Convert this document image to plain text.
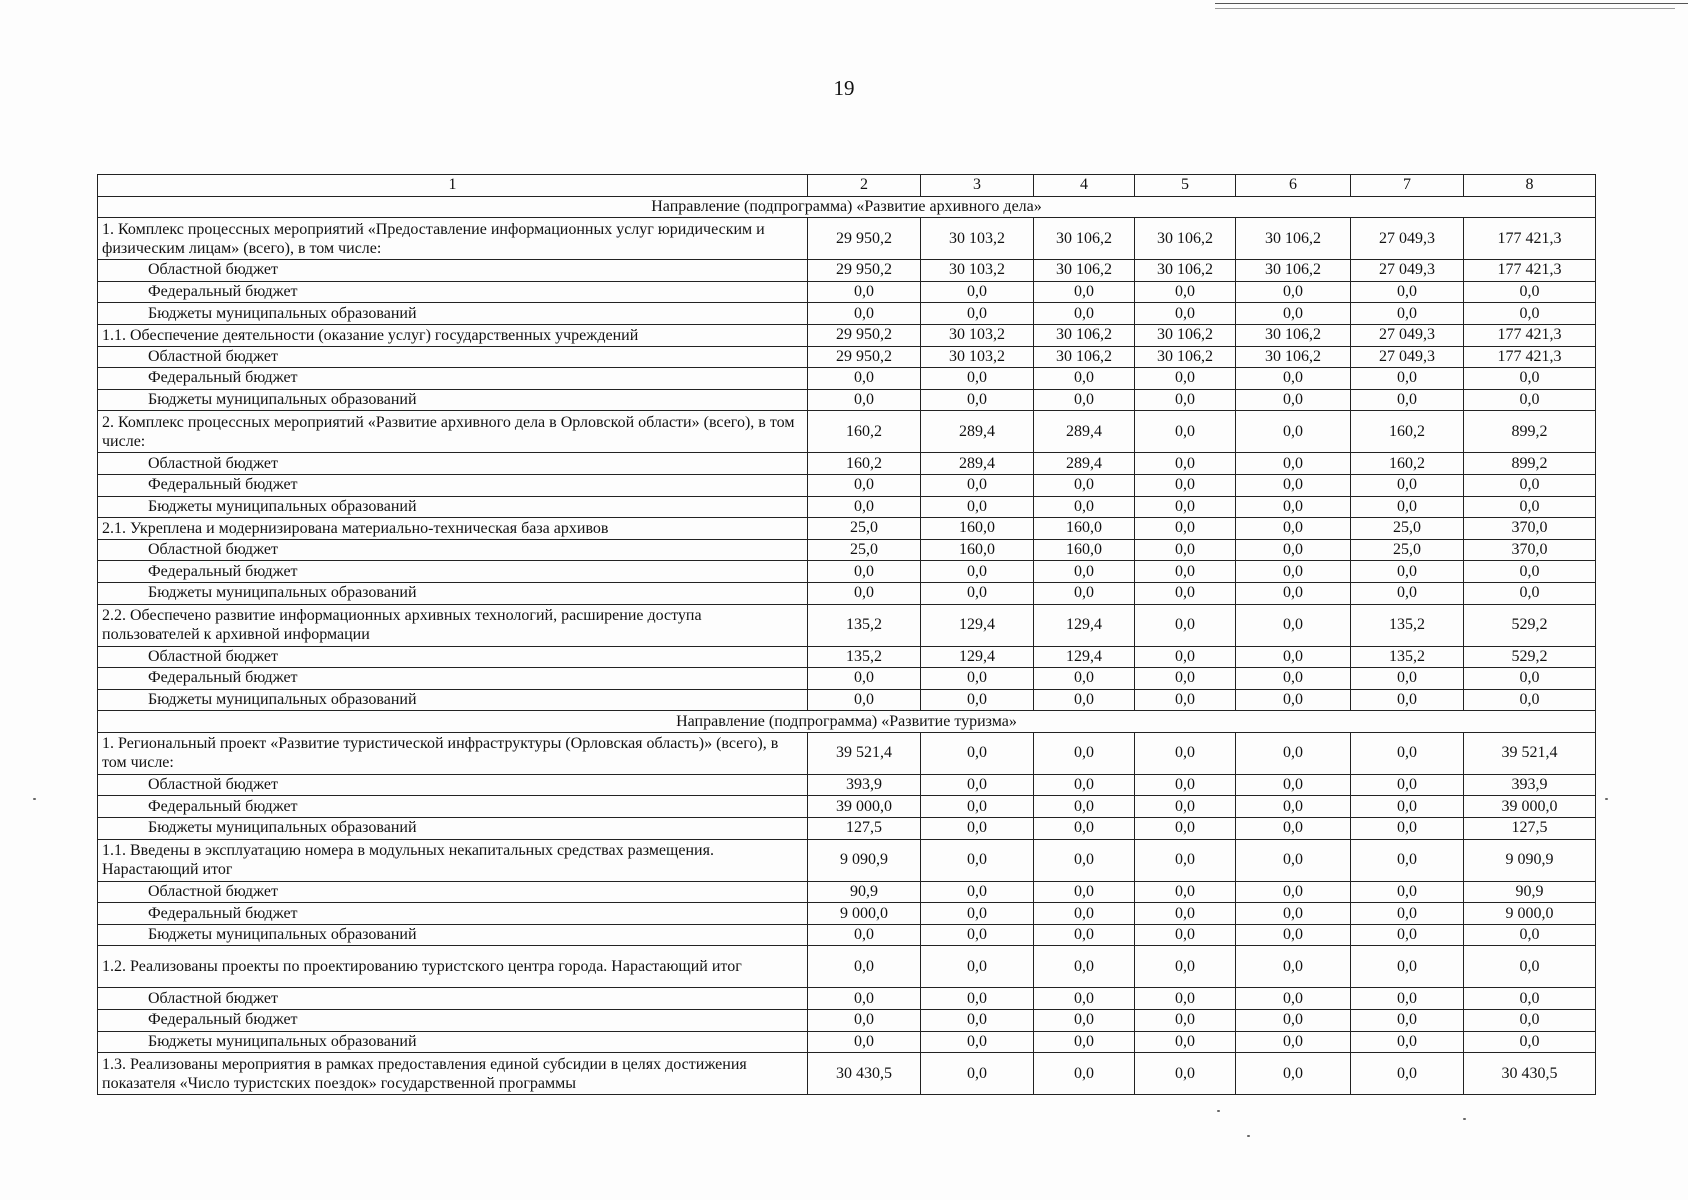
19
1	2	3	4	5	6	7	8
Направление (подпрограмма) «Развитие архивного дела»							
1. Комплекс процессных мероприятий «Предоставление информационных услуг юридическим и физическим лицам» (всего), в том числе:	29 950,2	30 103,2	30 106,2	30 106,2	30 106,2	27 049,3	177 421,3
Областной бюджет	29 950,2	30 103,2	30 106,2	30 106,2	30 106,2	27 049,3	177 421,3
Федеральный бюджет	0,0	0,0	0,0	0,0	0,0	0,0	0,0
Бюджеты муниципальных образований	0,0	0,0	0,0	0,0	0,0	0,0	0,0
1.1. Обеспечение деятельности (оказание услуг) государственных учреждений	29 950,2	30 103,2	30 106,2	30 106,2	30 106,2	27 049,3	177 421,3
Областной бюджет	29 950,2	30 103,2	30 106,2	30 106,2	30 106,2	27 049,3	177 421,3
Федеральный бюджет	0,0	0,0	0,0	0,0	0,0	0,0	0,0
Бюджеты муниципальных образований	0,0	0,0	0,0	0,0	0,0	0,0	0,0
2. Комплекс процессных мероприятий «Развитие архивного дела в Орловской области» (всего), в том числе:	160,2	289,4	289,4	0,0	0,0	160,2	899,2
Областной бюджет	160,2	289,4	289,4	0,0	0,0	160,2	899,2
Федеральный бюджет	0,0	0,0	0,0	0,0	0,0	0,0	0,0
Бюджеты муниципальных образований	0,0	0,0	0,0	0,0	0,0	0,0	0,0
2.1. Укреплена и модернизирована материально-техническая база архивов	25,0	160,0	160,0	0,0	0,0	25,0	370,0
Областной бюджет	25,0	160,0	160,0	0,0	0,0	25,0	370,0
Федеральный бюджет	0,0	0,0	0,0	0,0	0,0	0,0	0,0
Бюджеты муниципальных образований	0,0	0,0	0,0	0,0	0,0	0,0	0,0
2.2. Обеспечено развитие информационных архивных технологий, расширение доступа пользователей к архивной информации	135,2	129,4	129,4	0,0	0,0	135,2	529,2
Областной бюджет	135,2	129,4	129,4	0,0	0,0	135,2	529,2
Федеральный бюджет	0,0	0,0	0,0	0,0	0,0	0,0	0,0
Бюджеты муниципальных образований	0,0	0,0	0,0	0,0	0,0	0,0	0,0
Направление (подпрограмма) «Развитие туризма»							
1. Региональный проект «Развитие туристической инфраструктуры (Орловская область)» (всего), в том числе:	39 521,4	0,0	0,0	0,0	0,0	0,0	39 521,4
Областной бюджет	393,9	0,0	0,0	0,0	0,0	0,0	393,9
Федеральный бюджет	39 000,0	0,0	0,0	0,0	0,0	0,0	39 000,0
Бюджеты муниципальных образований	127,5	0,0	0,0	0,0	0,0	0,0	127,5
1.1. Введены в эксплуатацию номера в модульных некапитальных средствах размещения. Нарастающий итог	9 090,9	0,0	0,0	0,0	0,0	0,0	9 090,9
Областной бюджет	90,9	0,0	0,0	0,0	0,0	0,0	90,9
Федеральный бюджет	9 000,0	0,0	0,0	0,0	0,0	0,0	9 000,0
Бюджеты муниципальных образований	0,0	0,0	0,0	0,0	0,0	0,0	0,0
1.2. Реализованы проекты по проектированию туристского центра города. Нарастающий итог	0,0	0,0	0,0	0,0	0,0	0,0	0,0
Областной бюджет	0,0	0,0	0,0	0,0	0,0	0,0	0,0
Федеральный бюджет	0,0	0,0	0,0	0,0	0,0	0,0	0,0
Бюджеты муниципальных образований	0,0	0,0	0,0	0,0	0,0	0,0	0,0
1.3. Реализованы мероприятия в рамках предоставления единой субсидии в целях достижения показателя «Число туристских поездок» государственной программы	30 430,5	0,0	0,0	0,0	0,0	0,0	30 430,5
